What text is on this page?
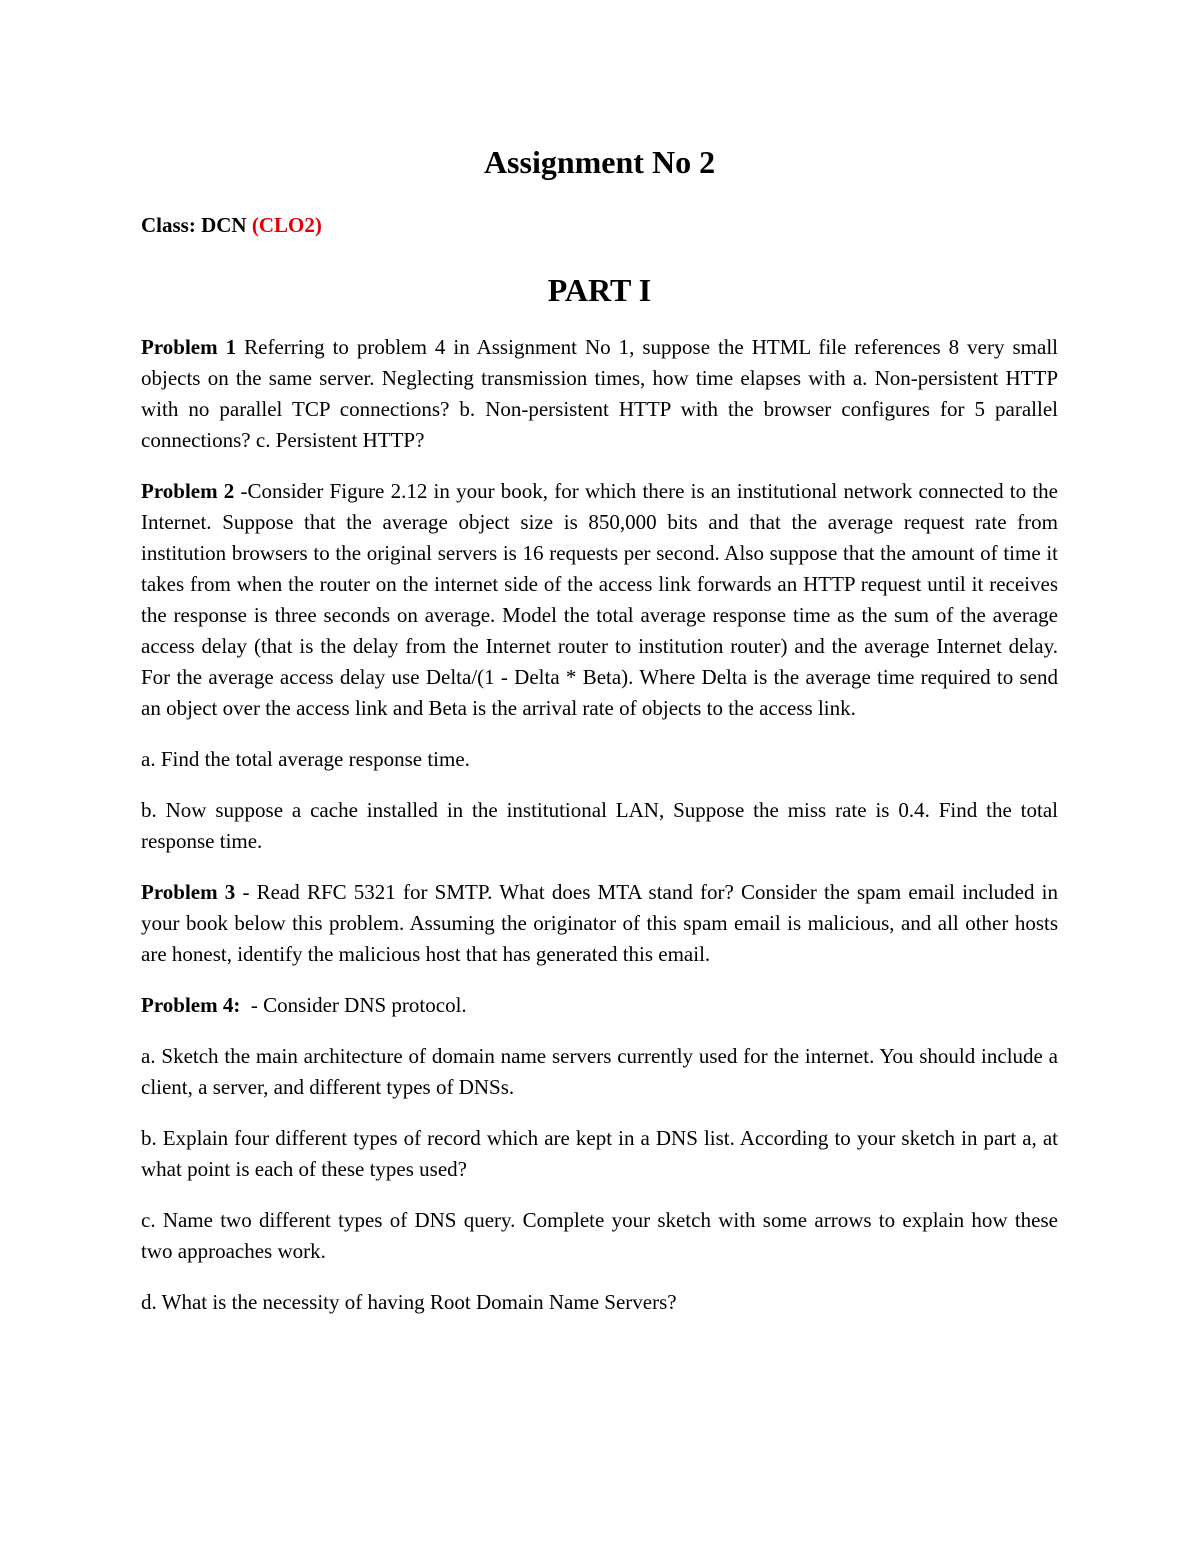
Assignment No 2

Class: DCN (CLO2)

PART I

Problem 1 Referring to problem 4 in Assignment No 1, suppose the HTML file references 8 very small objects on the same server. Neglecting transmission times, how time elapses with a. Non-persistent HTTP with no parallel TCP connections? b. Non-persistent HTTP with the browser configures for 5 parallel connections? c. Persistent HTTP?

Problem 2 -Consider Figure 2.12 in your book, for which there is an institutional network connected to the Internet. Suppose that the average object size is 850,000 bits and that the average request rate from institution browsers to the original servers is 16 requests per second. Also suppose that the amount of time it takes from when the router on the internet side of the access link forwards an HTTP request until it receives the response is three seconds on average. Model the total average response time as the sum of the average access delay (that is the delay from the Internet router to institution router) and the average Internet delay. For the average access delay use Delta/(1 - Delta * Beta). Where Delta is the average time required to send an object over the access link and Beta is the arrival rate of objects to the access link.

a. Find the total average response time.

b. Now suppose a cache installed in the institutional LAN, Suppose the miss rate is 0.4. Find the total response time.

Problem 3 - Read RFC 5321 for SMTP. What does MTA stand for? Consider the spam email included in your book below this problem. Assuming the originator of this spam email is malicious, and all other hosts are honest, identify the malicious host that has generated this email.

Problem 4:  - Consider DNS protocol.

a. Sketch the main architecture of domain name servers currently used for the internet. You should include a client, a server, and different types of DNSs.

b. Explain four different types of record which are kept in a DNS list. According to your sketch in part a, at what point is each of these types used?

c. Name two different types of DNS query. Complete your sketch with some arrows to explain how these two approaches work.

d. What is the necessity of having Root Domain Name Servers?
